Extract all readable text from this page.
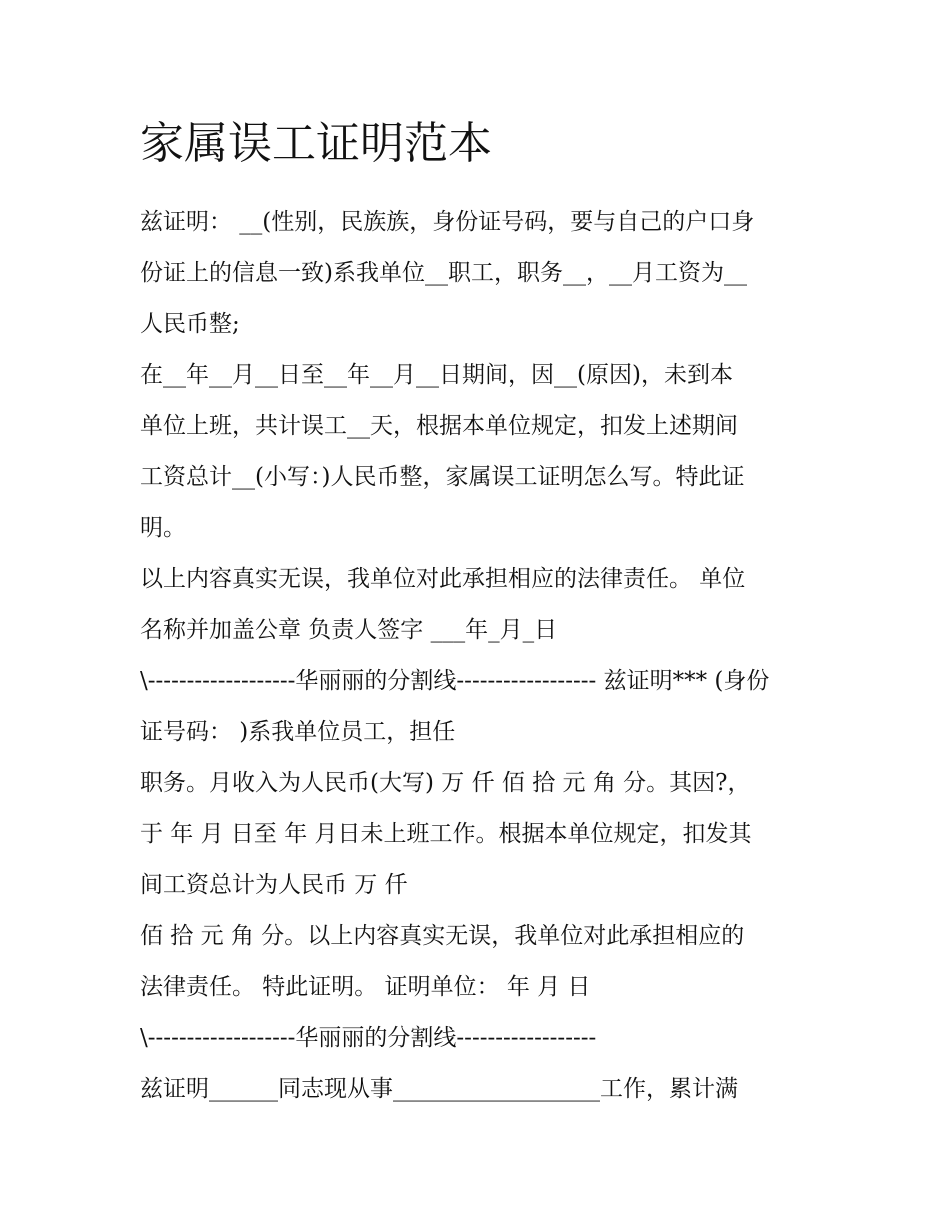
家属误工证明范本

兹证明： __(性别，民族族，身份证号码，要与自己的户口身

份证上的信息一致)系我单位__职工，职务__，__月工资为__

人民币整;

在__年__月__日至__年__月__日期间，因__(原因)，未到本

单位上班，共计误工__天，根据本单位规定，扣发上述期间

工资总计__(小写：)人民币整，家属误工证明怎么写。特此证

明。

以上内容真实无误，我单位对此承担相应的法律责任。 单位

名称并加盖公章 负责人签字 ___年_月_日

\-------------------华丽丽的分割线------------------ 兹证明*** (身份

证号码： )系我单位员工，担任

职务。月收入为人民币(大写) 万 仟 佰 拾 元 角 分。其因?，

于 年 月 日至 年 月日未上班工作。根据本单位规定，扣发其

间工资总计为人民币 万 仟

佰 拾 元 角 分。以上内容真实无误，我单位对此承担相应的

法律责任。 特此证明。 证明单位： 年 月 日

\-------------------华丽丽的分割线------------------

兹证明______同志现从事__________________工作，累计满
